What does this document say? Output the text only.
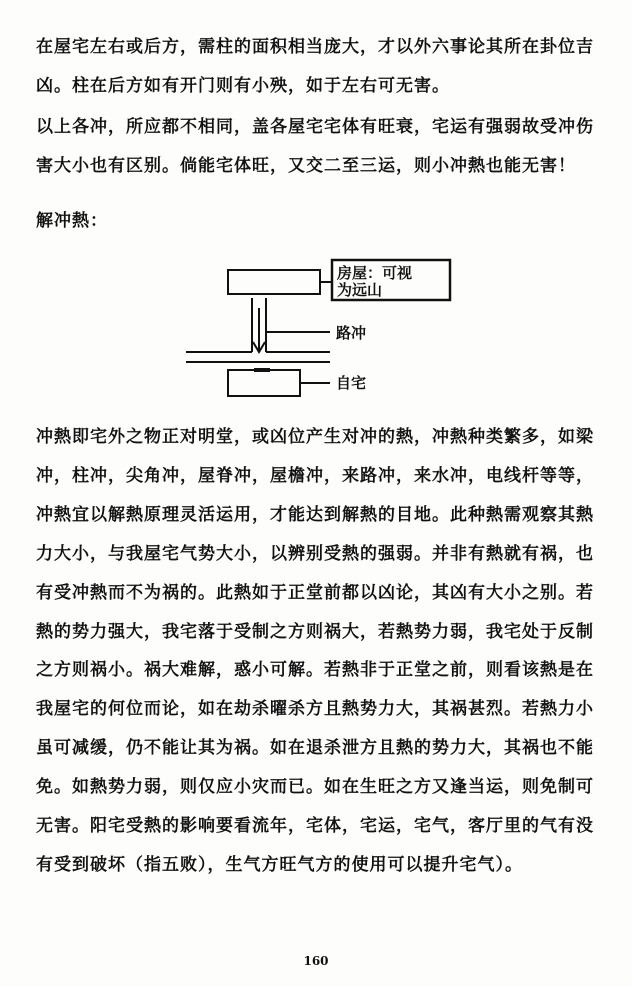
在屋宅左右或后方，需柱的面积相当庞大，才以外六事论其所在卦位吉凶。柱在后方如有开门则有小殃，如于左右可无害。

以上各冲，所应都不相同，盖各屋宅宅体有旺衰，宅运有强弱故受冲伤害大小也有区别。倘能宅体旺，又交二至三运，则小冲熱也能无害！

解冲熱：

房屋：可视
为远山
路冲
自宅

冲熱即宅外之物正对明堂，或凶位产生对冲的熱，冲熱种类繁多，如梁冲，柱冲，尖角冲，屋脊冲，屋檐冲，来路冲，来水冲，电线杆等等，冲熱宜以解熱原理灵活运用，才能达到解熱的目地。此种熱需观察其熱力大小，与我屋宅气势大小，以辨别受熱的强弱。并非有熱就有祸，也有受冲熱而不为祸的。此熱如于正堂前都以凶论，其凶有大小之别。若熱的势力强大，我宅落于受制之方则祸大，若熱势力弱，我宅处于反制之方则祸小。祸大难解，惑小可解。若熱非于正堂之前，则看该熱是在我屋宅的何位而论，如在劫杀曜杀方且熱势力大，其祸甚烈。若熱力小虽可减缓，仍不能让其为祸。如在退杀泄方且熱的势力大，其祸也不能免。如熱势力弱，则仅应小灾而已。如在生旺之方又逢当运，则免制可无害。阳宅受熱的影响要看流年，宅体，宅运，宅气，客厅里的气有没有受到破坏（指五败），生气方旺气方的使用可以提升宅气）。

160
